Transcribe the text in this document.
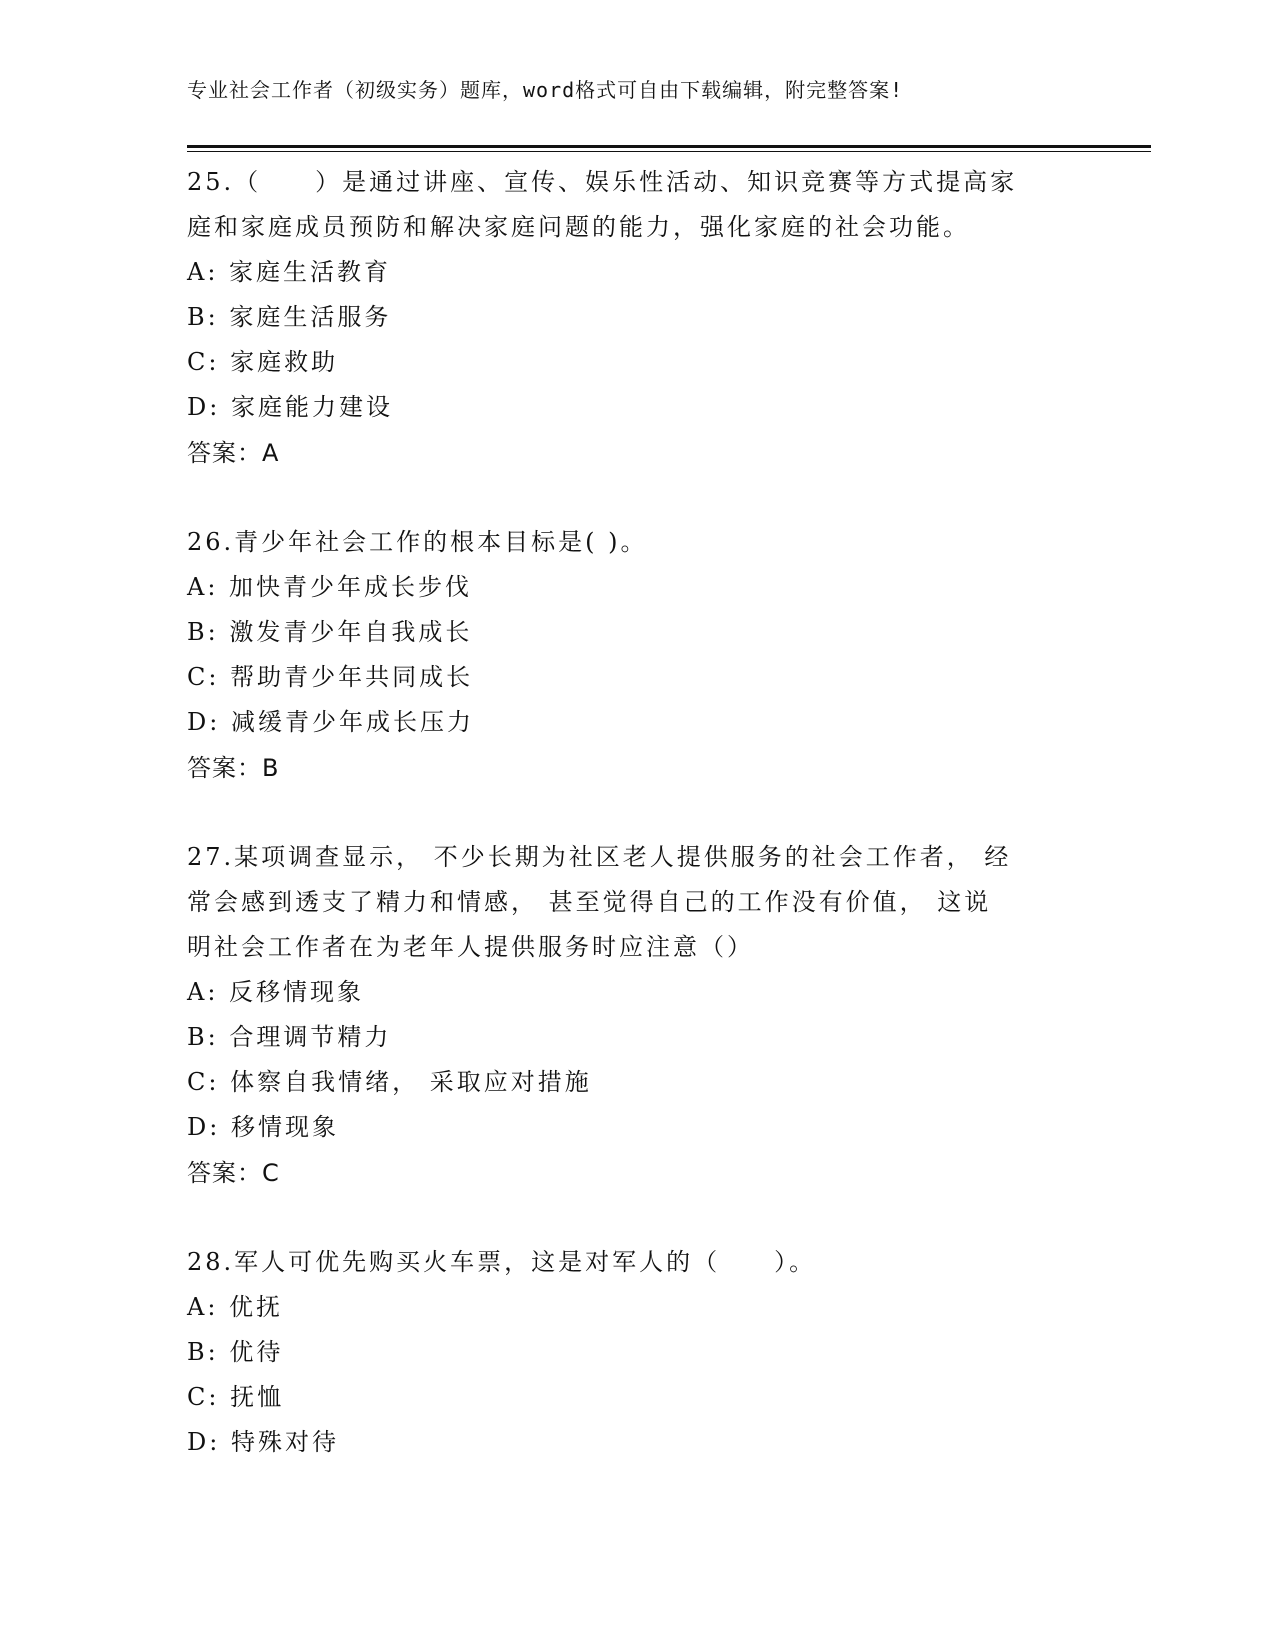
专业社会工作者（初级实务）题库，word格式可自由下载编辑，附完整答案!
25.（　　）是通过讲座、宣传、娱乐性活动、知识竞赛等方式提高家
庭和家庭成员预防和解决家庭问题的能力，强化家庭的社会功能。
A: 家庭生活教育
B: 家庭生活服务
C: 家庭救助
D: 家庭能力建设
答案：A
26.青少年社会工作的根本目标是( )。
A: 加快青少年成长步伐
B: 激发青少年自我成长
C: 帮助青少年共同成长
D: 减缓青少年成长压力
答案：B
27.某项调查显示， 不少长期为社区老人提供服务的社会工作者， 经
常会感到透支了精力和情感， 甚至觉得自己的工作没有价值， 这说
明社会工作者在为老年人提供服务时应注意（）
A: 反移情现象
B: 合理调节精力
C: 体察自我情绪， 采取应对措施
D: 移情现象
答案：C
28.军人可优先购买火车票，这是对军人的（　　）。
A: 优抚
B: 优待
C: 抚恤
D: 特殊对待
